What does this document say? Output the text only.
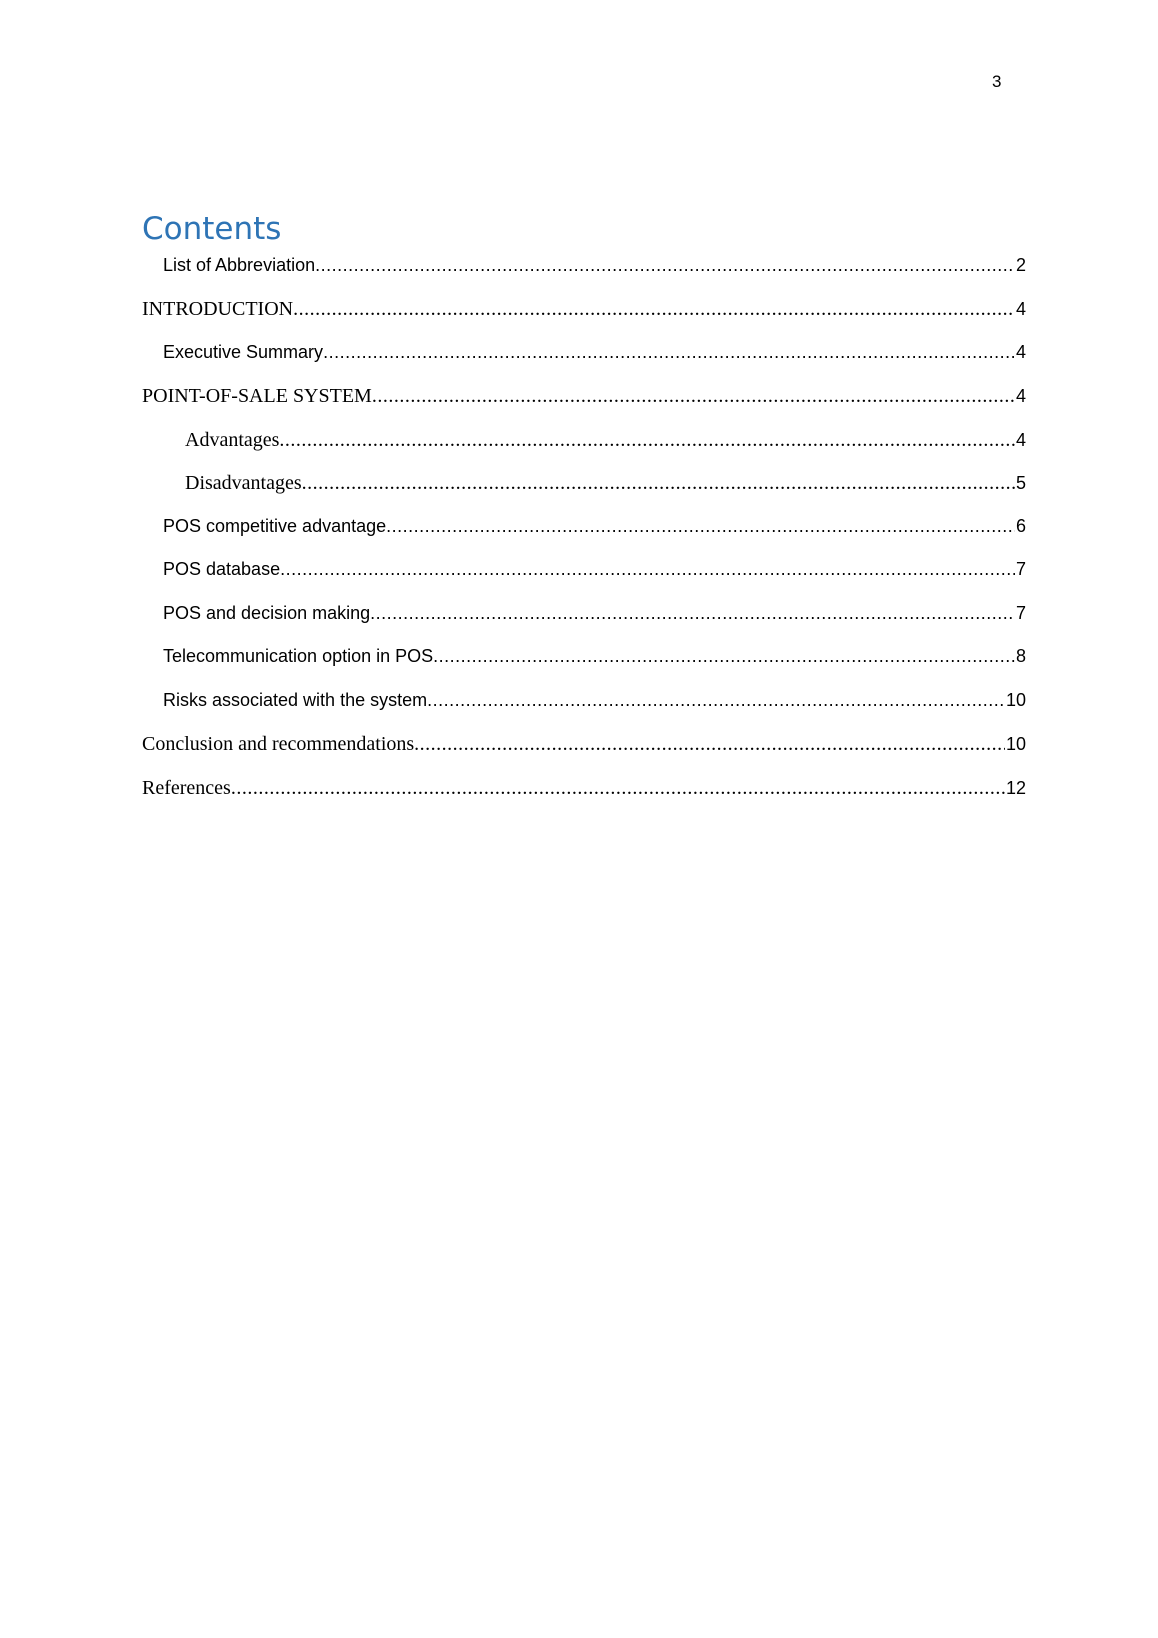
3
Contents
List of Abbreviation .....	2
INTRODUCTION .....	4
Executive Summary .....	4
POINT-OF-SALE SYSTEM .....	4
Advantages .....	4
Disadvantages .....	5
POS competitive advantage .....	6
POS database .....	7
POS and decision making .....	7
Telecommunication option in POS .....	8
Risks associated with the system .....	10
Conclusion and recommendations .....	10
References .....	12
